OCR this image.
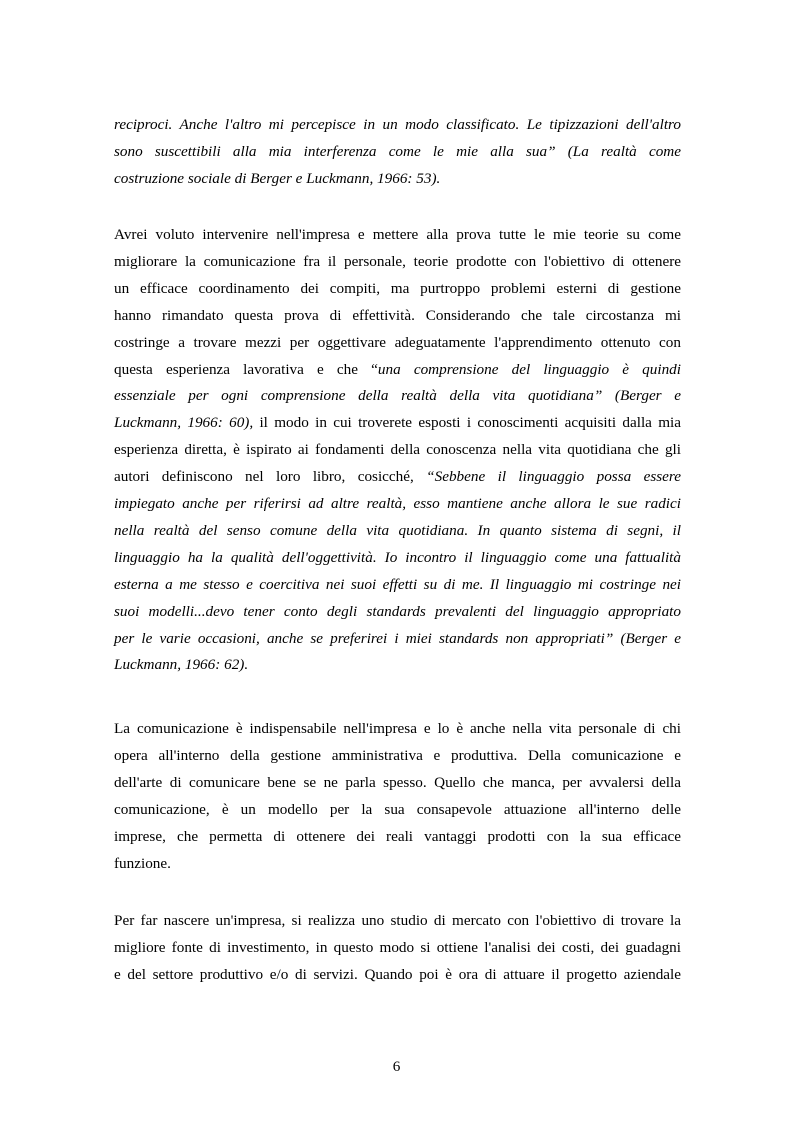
reciproci. Anche l'altro mi percepisce in un modo classificato. Le tipizzazioni dell'altro
sono suscettibili alla mia interferenza come le mie alla sua” (La realtà come
costruzione sociale di Berger e Luckmann, 1966: 53).
Avrei voluto intervenire nell'impresa e mettere alla prova tutte le mie teorie su come
migliorare la comunicazione fra il personale, teorie prodotte con l'obiettivo di ottenere
un efficace coordinamento dei compiti, ma purtroppo problemi esterni di gestione
hanno rimandato questa prova di effettività. Considerando che tale circostanza mi
costringe a trovare mezzi per oggettivare adeguatamente l'apprendimento ottenuto con
questa esperienza lavorativa e che “una comprensione del linguaggio è quindi
essenziale per ogni comprensione della realtà della vita quotidiana” (Berger e
Luckmann, 1966: 60), il modo in cui troverete esposti i conoscimenti acquisiti dalla mia
esperienza diretta, è ispirato ai fondamenti della conoscenza nella vita quotidiana che gli
autori definiscono nel loro libro, cosicché, “Sebbene il linguaggio possa essere
impiegato anche per riferirsi ad altre realtà, esso mantiene anche allora le sue radici
nella realtà del senso comune della vita quotidiana. In quanto sistema di segni, il
linguaggio ha la qualità dell'oggettività. Io incontro il linguaggio come una fattualità
esterna a me stesso e coercitiva nei suoi effetti su di me. Il linguaggio mi costringe nei
suoi modelli...devo tener conto degli standards prevalenti del linguaggio appropriato
per le varie occasioni, anche se preferirei i miei standards non appropriati” (Berger e
Luckmann, 1966: 62).
La comunicazione è indispensabile nell'impresa e lo è anche nella vita personale di chi
opera all'interno della gestione amministrativa e produttiva. Della comunicazione e
dell'arte di comunicare bene se ne parla spesso. Quello che manca, per avvalersi della
comunicazione, è un modello per la sua consapevole attuazione all'interno delle
imprese, che permetta di ottenere dei reali vantaggi prodotti con la sua efficace
funzione.
Per far nascere un'impresa, si realizza uno studio di mercato con l'obiettivo di trovare la
migliore fonte di investimento, in questo modo si ottiene l'analisi dei costi, dei guadagni
e del settore produttivo e/o di servizi. Quando poi è ora di attuare il progetto aziendale
6
